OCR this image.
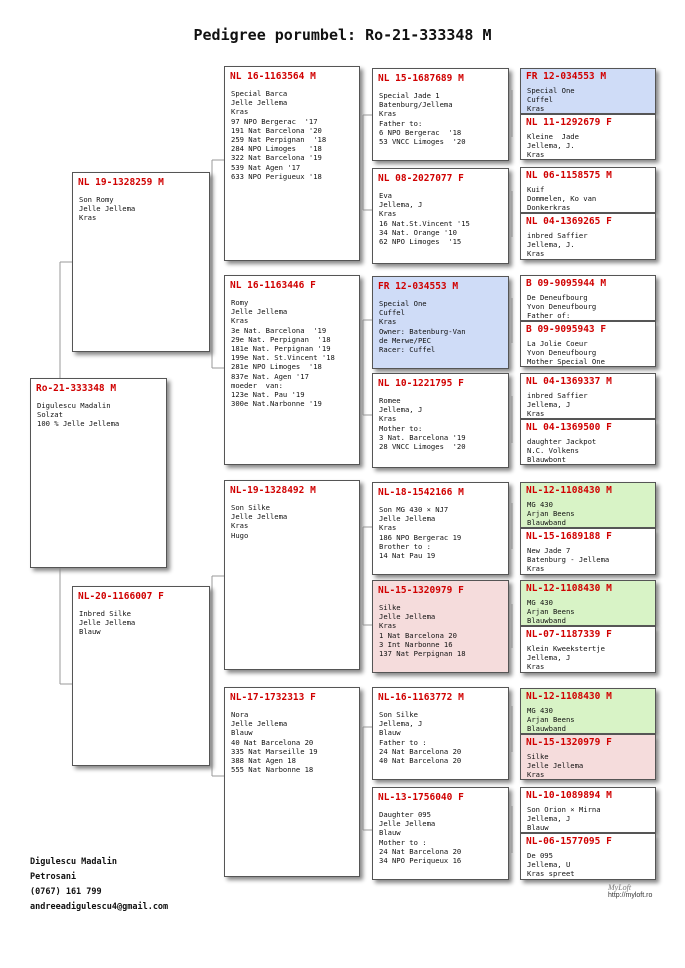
Pedigree porumbel: Ro-21-333348 M
Ro-21-333348 M
Digulescu Madalin
Solzat
100 % Jelle Jellema
NL 19-1328259 M
Son Romy
Jelle Jellema
Kras
NL-20-1166007 F
Inbred Silke
Jelle Jellema
Blauw
NL 16-1163564 M
Special Barca
Jelle Jellema
Kras
97 NPO Bergerac  '17
191 Nat Barcelona '20
259 Nat Perpignan  '18
284 NPO Limoges   '18
322 Nat Barcelona '19
539 Nat Agen '17
633 NPO Perigueux '18
NL 16-1163446 F
Romy
Jelle Jellema
Kras
3e Nat. Barcelona  '19
29e Nat. Perpignan  '18
181e Nat. Perpignan '19
199e Nat. St.Vincent '18
281e NPO Limoges  '18
837e Nat. Agen '17
moeder  van:
123e Nat. Pau '19
300e Nat.Narbonne '19
NL-19-1328492 M
Son Silke
Jelle Jellema
Kras
Hugo
NL-17-1732313 F
Nora
Jelle Jellema
Blauw
40 Nat Barcelona 20
335 Nat Marseille 19
388 Nat Agen 18
555 Nat Narbonne 18
NL 15-1687689 M
Special Jade 1
Batenburg/Jellema
Kras
Father to:
6 NPO Bergerac  '18
53 VNCC Limoges  '20
NL 08-2027077 F
Eva
Jellema, J
Kras
16 Nat.St.Vincent '15
34 Nat. Orange '10
62 NPO Limoges  '15
FR 12-034553 M
Special One
Cuffel
Kras
Owner: Batenburg-Van
de Merwe/PEC
Racer: Cuffel
NL 10-1221795 F
Romee
Jellema, J
Kras
Mother to:
3 Nat. Barcelona '19
28 VNCC Limoges  '20
NL-18-1542166 M
Son MG 430 × NJ7
Jelle Jellema
Kras
186 NPO Bergerac 19
Brother to :
14 Nat Pau 19
NL-15-1320979 F
Silke
Jelle Jellema
Kras
1 Nat Barcelona 20
3 Int Narbonne 16
137 Nat Perpignan 18
NL-16-1163772 M
Son Silke
Jellema, J
Blauw
Father to :
24 Nat Barcelona 20
40 Nat Barcelona 20
NL-13-1756040 F
Daughter 095
Jelle Jellema
Blauw
Mother to :
24 Nat Barcelona 20
34 NPO Periqueux 16
FR 12-034553 M
Special One
Cuffel
Kras
NL 11-1292679 F
Kleine  Jade
Jellema, J.
Kras
NL 06-1158575 M
Kuif
Dommelen, Ko van
Donkerkras
NL 04-1369265 F
inbred Saffier
Jellema, J.
Kras
B 09-9095944 M
De Deneufbourg
Yvon Deneufbourg
Father of:
B 09-9095943 F
La Jolie Coeur
Yvon Deneufbourg
Mother Special One
NL 04-1369337 M
inbred Saffier
Jellema, J
Kras
NL 04-1369500 F
daughter Jackpot
N.C. Volkens
Blauwbont
NL-12-1108430 M
MG 430
Arjan Beens
Blauwband
NL-15-1689188 F
New Jade 7
Batenburg - Jellema
Kras
NL-12-1108430 M
MG 430
Arjan Beens
Blauwband
NL-07-1187339 F
Klein Kweekstertje
Jellema, J
Kras
NL-12-1108430 M
MG 430
Arjan Beens
Blauwband
NL-15-1320979 F
Silke
Jelle Jellema
Kras
NL-10-1089894 M
Son Orion × Mirna
Jellema, J
Blauw
NL-06-1577095 F
De 095
Jellema, U
Kras spreet
Digulescu Madalin
Petrosani
(0767) 161 799
andreeadigulescu4@gmail.com
MyLoft
http://myloft.ro
